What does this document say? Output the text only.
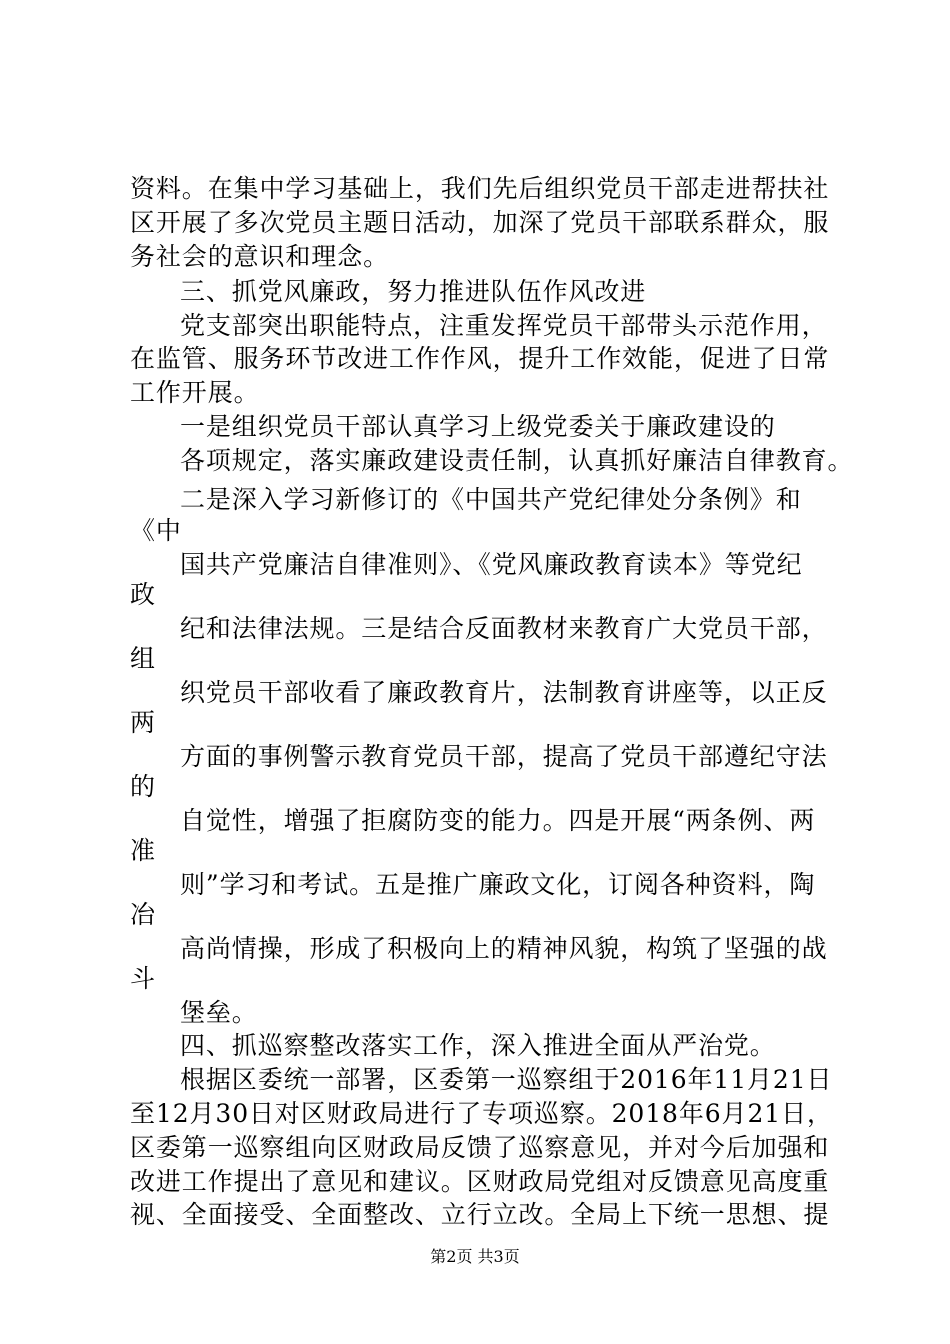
资料。在集中学习基础上，我们先后组织党员干部走进帮扶社
区开展了多次党员主题日活动，加深了党员干部联系群众，服
务社会的意识和理念。
三、抓党风廉政，努力推进队伍作风改进
党支部突出职能特点，注重发挥党员干部带头示范作用，
在监管、服务环节改进工作作风，提升工作效能，促进了日常
工作开展。
一是组织党员干部认真学习上级党委关于廉政建设的
各项规定，落实廉政建设责任制，认真抓好廉洁自律教育。
二是深入学习新修订的《中国共产党纪律处分条例》和
《中
国共产党廉洁自律准则》、《党风廉政教育读本》等党纪
政
纪和法律法规。三是结合反面教材来教育广大党员干部，
组
织党员干部收看了廉政教育片，法制教育讲座等，以正反
两
方面的事例警示教育党员干部，提高了党员干部遵纪守法
的
自觉性，增强了拒腐防变的能力。四是开展“两条例、两
准
则”学习和考试。五是推广廉政文化，订阅各种资料，陶
冶
高尚情操，形成了积极向上的精神风貌，构筑了坚强的战
斗
堡垒。
四、抓巡察整改落实工作，深入推进全面从严治党。
根据区委统一部署，区委第一巡察组于2016年11月21日
至12月30日对区财政局进行了专项巡察。2018年6月21日，
区委第一巡察组向区财政局反馈了巡察意见，并对今后加强和
改进工作提出了意见和建议。区财政局党组对反馈意见高度重
视、全面接受、全面整改、立行立改。全局上下统一思想、提
第2页 共3页
